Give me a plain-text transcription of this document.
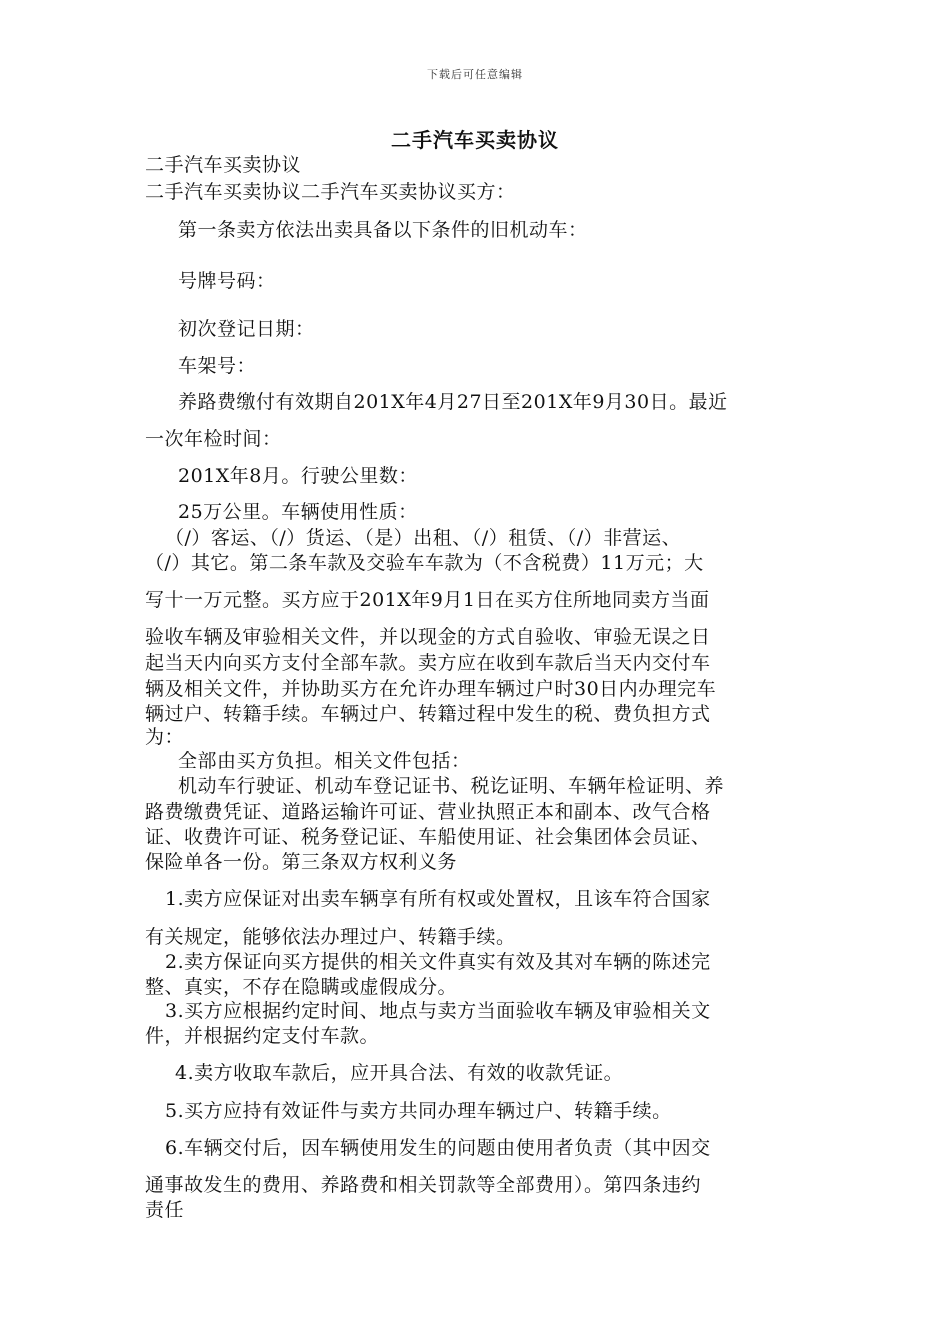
下载后可任意编辑
二手汽车买卖协议
二手汽车买卖协议
二手汽车买卖协议二手汽车买卖协议买方：
第一条卖方依法出卖具备以下条件的旧机动车：
号牌号码：
初次登记日期：
车架号：
养路费缴付有效期自201X年4月27日至201X年9月30日。最近
一次年检时间：
201X年8月。行驶公里数：
25万公里。车辆使用性质：
（/）客运、（/）货运、（是）出租、（/）租赁、（/）非营运、
（/）其它。第二条车款及交验车车款为（不含税费）11万元；大
写十一万元整。买方应于201X年9月1日在买方住所地同卖方当面
验收车辆及审验相关文件，并以现金的方式自验收、审验无误之日
起当天内向买方支付全部车款。卖方应在收到车款后当天内交付车
辆及相关文件，并协助买方在允许办理车辆过户时30日内办理完车
辆过户、转籍手续。车辆过户、转籍过程中发生的税、费负担方式
为：
全部由买方负担。相关文件包括：
机动车行驶证、机动车登记证书、税讫证明、车辆年检证明、养
路费缴费凭证、道路运输许可证、营业执照正本和副本、改气合格
证、收费许可证、税务登记证、车船使用证、社会集团体会员证、
保险单各一份。第三条双方权利义务
1.卖方应保证对出卖车辆享有所有权或处置权，且该车符合国家
有关规定，能够依法办理过户、转籍手续。
2.卖方保证向买方提供的相关文件真实有效及其对车辆的陈述完
整、真实，不存在隐瞒或虚假成分。
3.买方应根据约定时间、地点与卖方当面验收车辆及审验相关文
件，并根据约定支付车款。
4.卖方收取车款后，应开具合法、有效的收款凭证。
5.买方应持有效证件与卖方共同办理车辆过户、转籍手续。
6.车辆交付后，因车辆使用发生的问题由使用者负责（其中因交
通事故发生的费用、养路费和相关罚款等全部费用）。第四条违约
责任
